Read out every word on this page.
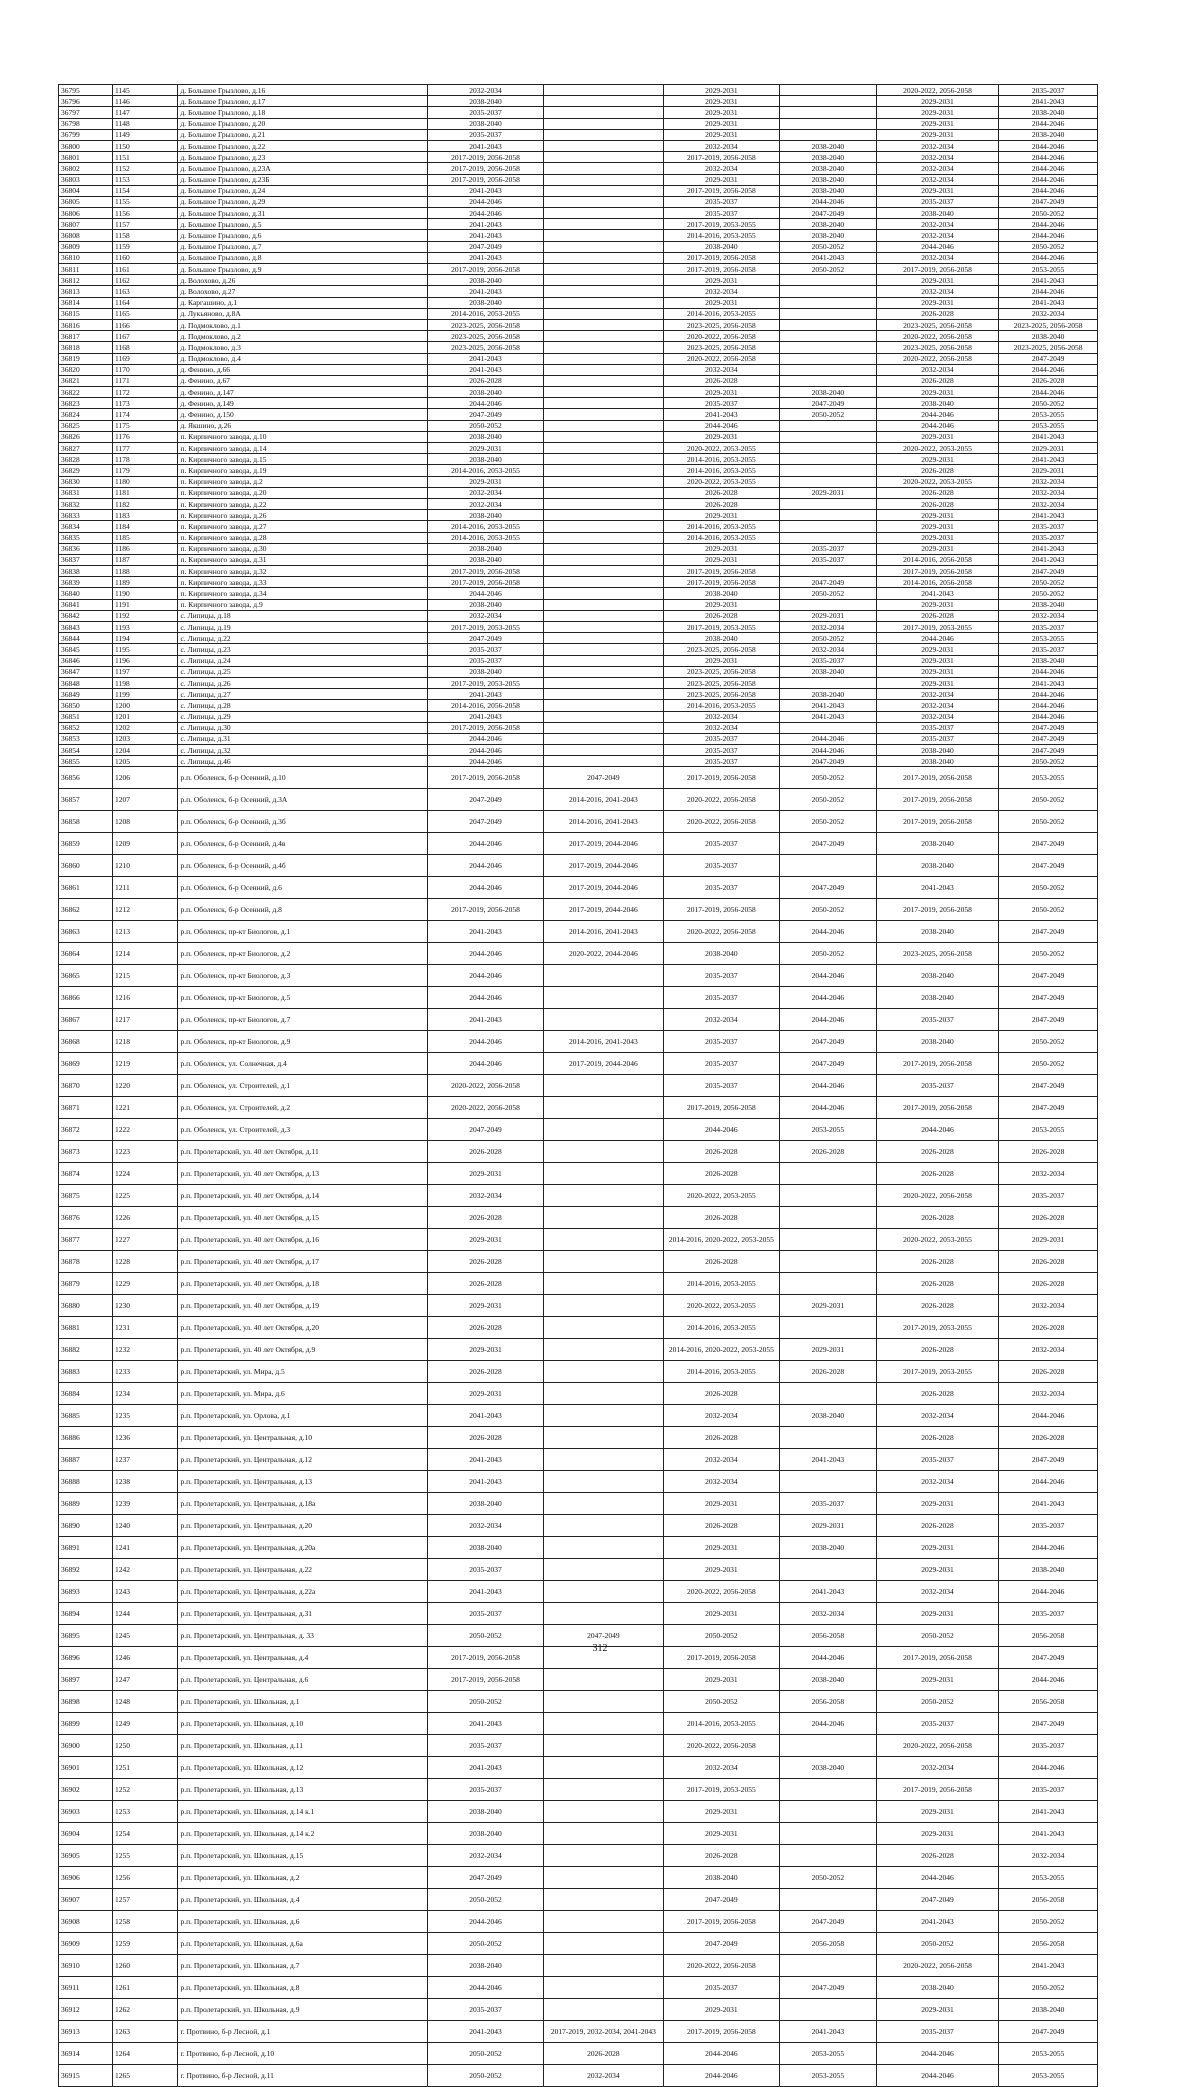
36795	1145	д. Большое Грызлово, д.16	2032-2034		2029-2031		2020-2022, 2056-2058	2035-2037
36796	1146	д. Большое Грызлово, д.17	2038-2040		2029-2031		2029-2031	2041-2043
36797	1147	д. Большое Грызлово, д.18	2035-2037		2029-2031		2029-2031	2038-2040
36798	1148	д. Большое Грызлово, д.20	2038-2040		2029-2031		2029-2031	2044-2046
36799	1149	д. Большое Грызлово, д.21	2035-2037		2029-2031		2029-2031	2038-2040
36800	1150	д. Большое Грызлово, д.22	2041-2043		2032-2034	2038-2040	2032-2034	2044-2046
36801	1151	д. Большое Грызлово, д.23	2017-2019, 2056-2058		2017-2019, 2056-2058	2038-2040	2032-2034	2044-2046
36802	1152	д. Большое Грызлово, д.23А	2017-2019, 2056-2058		2032-2034	2038-2040	2032-2034	2044-2046
36803	1153	д. Большое Грызлово, д.23Б	2017-2019, 2056-2058		2029-2031	2038-2040	2032-2034	2044-2046
36804	1154	д. Большое Грызлово, д.24	2041-2043		2017-2019, 2056-2058	2038-2040	2029-2031	2044-2046
36805	1155	д. Большое Грызлово, д.29	2044-2046		2035-2037	2044-2046	2035-2037	2047-2049
36806	1156	д. Большое Грызлово, д.31	2044-2046		2035-2037	2047-2049	2038-2040	2050-2052
36807	1157	д. Большое Грызлово, д.5	2041-2043		2017-2019, 2053-2055	2038-2040	2032-2034	2044-2046
36808	1158	д. Большое Грызлово, д.6	2041-2043		2014-2016, 2053-2055	2038-2040	2032-2034	2044-2046
36809	1159	д. Большое Грызлово, д.7	2047-2049		2038-2040	2050-2052	2044-2046	2050-2052
36810	1160	д. Большое Грызлово, д.8	2041-2043		2017-2019, 2056-2058	2041-2043	2032-2034	2044-2046
36811	1161	д. Большое Грызлово, д.9	2017-2019, 2056-2058		2017-2019, 2056-2058	2050-2052	2017-2019, 2056-2058	2053-2055
36812	1162	д. Волохово, д.26	2038-2040		2029-2031		2029-2031	2041-2043
36813	1163	д. Волохово, д.27	2041-2043		2032-2034		2032-2034	2044-2046
36814	1164	д. Каргашино, д.1	2038-2040		2029-2031		2029-2031	2041-2043
36815	1165	д. Лукьяново, д.8А	2014-2016, 2053-2055		2014-2016, 2053-2055		2026-2028	2032-2034
36816	1166	д. Подмоклово, д.1	2023-2025, 2056-2058		2023-2025, 2056-2058		2023-2025, 2056-2058	2023-2025, 2056-2058
36817	1167	д. Подмоклово, д.2	2023-2025, 2056-2058		2020-2022, 2056-2058		2020-2022, 2056-2058	2038-2040
36818	1168	д. Подмоклово, д.3	2023-2025, 2056-2058		2023-2025, 2056-2058		2023-2025, 2056-2058	2023-2025, 2056-2058
36819	1169	д. Подмоклово, д.4	2041-2043		2020-2022, 2056-2058		2020-2022, 2056-2058	2047-2049
36820	1170	д. Фенино, д.66	2041-2043		2032-2034		2032-2034	2044-2046
36821	1171	д. Фенино, д.67	2026-2028		2026-2028		2026-2028	2026-2028
36822	1172	д. Фенино, д.147	2038-2040		2029-2031	2038-2040	2029-2031	2044-2046
36823	1173	д. Фенино, д.149	2044-2046		2035-2037	2047-2049	2038-2040	2050-2052
36824	1174	д. Фенино, д.150	2047-2049		2041-2043	2050-2052	2044-2046	2053-2055
36825	1175	д. Якшино, д.26	2050-2052		2044-2046		2044-2046	2053-2055
36826	1176	п. Кирпичного завода, д.10	2038-2040		2029-2031		2029-2031	2041-2043
36827	1177	п. Кирпичного завода, д.14	2029-2031		2020-2022, 2053-2055		2020-2022, 2053-2055	2029-2031
36828	1178	п. Кирпичного завода, д.15	2038-2040		2014-2016, 2053-2055		2029-2031	2041-2043
36829	1179	п. Кирпичного завода, д.19	2014-2016, 2053-2055		2014-2016, 2053-2055		2026-2028	2029-2031
36830	1180	п. Кирпичного завода, д.2	2029-2031		2020-2022, 2053-2055		2020-2022, 2053-2055	2032-2034
36831	1181	п. Кирпичного завода, д.20	2032-2034		2026-2028	2029-2031	2026-2028	2032-2034
36832	1182	п. Кирпичного завода, д.22	2032-2034		2026-2028		2026-2028	2032-2034
36833	1183	п. Кирпичного завода, д.26	2038-2040		2029-2031		2029-2031	2041-2043
36834	1184	п. Кирпичного завода, д.27	2014-2016, 2053-2055		2014-2016, 2053-2055		2029-2031	2035-2037
36835	1185	п. Кирпичного завода, д.28	2014-2016, 2053-2055		2014-2016, 2053-2055		2029-2031	2035-2037
36836	1186	п. Кирпичного завода, д.30	2038-2040		2029-2031	2035-2037	2029-2031	2041-2043
36837	1187	п. Кирпичного завода, д.31	2038-2040		2029-2031	2035-2037	2014-2016, 2056-2058	2041-2043
36838	1188	п. Кирпичного завода, д.32	2017-2019, 2056-2058		2017-2019, 2056-2058		2017-2019, 2056-2058	2047-2049
36839	1189	п. Кирпичного завода, д.33	2017-2019, 2056-2058		2017-2019, 2056-2058	2047-2049	2014-2016, 2056-2058	2050-2052
36840	1190	п. Кирпичного завода, д.34	2044-2046		2038-2040	2050-2052	2041-2043	2050-2052
36841	1191	п. Кирпичного завода, д.9	2038-2040		2029-2031		2029-2031	2038-2040
36842	1192	с. Липицы, д.18	2032-2034		2026-2028	2029-2031	2026-2028	2032-2034
36843	1193	с. Липицы, д.19	2017-2019, 2053-2055		2017-2019, 2053-2055	2032-2034	2017-2019, 2053-2055	2035-2037
36844	1194	с. Липицы, д.22	2047-2049		2038-2040	2050-2052	2044-2046	2053-2055
36845	1195	с. Липицы, д.23	2035-2037		2023-2025, 2056-2058	2032-2034	2029-2031	2035-2037
36846	1196	с. Липицы, д.24	2035-2037		2029-2031	2035-2037	2029-2031	2038-2040
36847	1197	с. Липицы, д.25	2038-2040		2023-2025, 2056-2058	2038-2040	2029-2031	2044-2046
36848	1198	с. Липицы, д.26	2017-2019, 2053-2055		2023-2025, 2056-2058		2029-2031	2041-2043
36849	1199	с. Липицы, д.27	2041-2043		2023-2025, 2056-2058	2038-2040	2032-2034	2044-2046
36850	1200	с. Липицы, д.28	2014-2016, 2056-2058		2014-2016, 2053-2055	2041-2043	2032-2034	2044-2046
36851	1201	с. Липицы, д.29	2041-2043		2032-2034	2041-2043	2032-2034	2044-2046
36852	1202	с. Липицы, д.30	2017-2019, 2056-2058		2032-2034		2035-2037	2047-2049
36853	1203	с. Липицы, д.31	2044-2046		2035-2037	2044-2046	2035-2037	2047-2049
36854	1204	с. Липицы, д.32	2044-2046		2035-2037	2044-2046	2038-2040	2047-2049
36855	1205	с. Липицы, д.46	2044-2046		2035-2037	2047-2049	2038-2040	2050-2052
36856	1206	р.п. Оболенск, б-р Осенний, д.10	2017-2019, 2056-2058	2047-2049	2017-2019, 2056-2058	2050-2052	2017-2019, 2056-2058	2053-2055
36857	1207	р.п. Оболенск, б-р Осенний, д.3А	2047-2049	2014-2016, 2041-2043	2020-2022, 2056-2058	2050-2052	2017-2019, 2056-2058	2050-2052
36858	1208	р.п. Оболенск, б-р Осенний, д.3б	2047-2049	2014-2016, 2041-2043	2020-2022, 2056-2058	2050-2052	2017-2019, 2056-2058	2050-2052
36859	1209	р.п. Оболенск, б-р Осенний, д.4в	2044-2046	2017-2019, 2044-2046	2035-2037	2047-2049	2038-2040	2047-2049
36860	1210	р.п. Оболенск, б-р Осенний, д.4б	2044-2046	2017-2019, 2044-2046	2035-2037		2038-2040	2047-2049
36861	1211	р.п. Оболенск, б-р Осенний, д.6	2044-2046	2017-2019, 2044-2046	2035-2037	2047-2049	2041-2043	2050-2052
36862	1212	р.п. Оболенск, б-р Осенний, д.8	2017-2019, 2056-2058	2017-2019, 2044-2046	2017-2019, 2056-2058	2050-2052	2017-2019, 2056-2058	2050-2052
36863	1213	р.п. Оболенск, пр-кт Биологов, д.1	2041-2043	2014-2016, 2041-2043	2020-2022, 2056-2058	2044-2046	2038-2040	2047-2049
36864	1214	р.п. Оболенск, пр-кт Биологов, д.2	2044-2046	2020-2022, 2044-2046	2038-2040	2050-2052	2023-2025, 2056-2058	2050-2052
36865	1215	р.п. Оболенск, пр-кт Биологов, д.3	2044-2046		2035-2037	2044-2046	2038-2040	2047-2049
36866	1216	р.п. Оболенск, пр-кт Биологов, д.5	2044-2046		2035-2037	2044-2046	2038-2040	2047-2049
36867	1217	р.п. Оболенск, пр-кт Биологов, д.7	2041-2043		2032-2034	2044-2046	2035-2037	2047-2049
36868	1218	р.п. Оболенск, пр-кт Биологов, д.9	2044-2046	2014-2016, 2041-2043	2035-2037	2047-2049	2038-2040	2050-2052
36869	1219	р.п. Оболенск, ул. Солнечная, д.4	2044-2046	2017-2019, 2044-2046	2035-2037	2047-2049	2017-2019, 2056-2058	2050-2052
36870	1220	р.п. Оболенск, ул. Строителей, д.1	2020-2022, 2056-2058		2035-2037	2044-2046	2035-2037	2047-2049
36871	1221	р.п. Оболенск, ул. Строителей, д.2	2020-2022, 2056-2058		2017-2019, 2056-2058	2044-2046	2017-2019, 2056-2058	2047-2049
36872	1222	р.п. Оболенск, ул. Строителей, д.3	2047-2049		2044-2046	2053-2055	2044-2046	2053-2055
36873	1223	р.п. Пролетарский, ул. 40 лет Октября, д.11	2026-2028		2026-2028	2026-2028	2026-2028	2026-2028
36874	1224	р.п. Пролетарский, ул. 40 лет Октября, д.13	2029-2031		2026-2028		2026-2028	2032-2034
36875	1225	р.п. Пролетарский, ул. 40 лет Октября, д.14	2032-2034		2020-2022, 2053-2055		2020-2022, 2056-2058	2035-2037
36876	1226	р.п. Пролетарский, ул. 40 лет Октября, д.15	2026-2028		2026-2028		2026-2028	2026-2028
36877	1227	р.п. Пролетарский, ул. 40 лет Октября, д.16	2029-2031		2014-2016, 2020-2022, 2053-2055		2020-2022, 2053-2055	2029-2031
36878	1228	р.п. Пролетарский, ул. 40 лет Октября, д.17	2026-2028		2026-2028		2026-2028	2026-2028
36879	1229	р.п. Пролетарский, ул. 40 лет Октября, д.18	2026-2028		2014-2016, 2053-2055		2026-2028	2026-2028
36880	1230	р.п. Пролетарский, ул. 40 лет Октября, д.19	2029-2031		2020-2022, 2053-2055	2029-2031	2026-2028	2032-2034
36881	1231	р.п. Пролетарский, ул. 40 лет Октября, д.20	2026-2028		2014-2016, 2053-2055		2017-2019, 2053-2055	2026-2028
36882	1232	р.п. Пролетарский, ул. 40 лет Октября, д.9	2029-2031		2014-2016, 2020-2022, 2053-2055	2029-2031	2026-2028	2032-2034
36883	1233	р.п. Пролетарский, ул. Мира, д.5	2026-2028		2014-2016, 2053-2055	2026-2028	2017-2019, 2053-2055	2026-2028
36884	1234	р.п. Пролетарский, ул. Мира, д.6	2029-2031		2026-2028		2026-2028	2032-2034
36885	1235	р.п. Пролетарский, ул. Орлова, д.1	2041-2043		2032-2034	2038-2040	2032-2034	2044-2046
36886	1236	р.п. Пролетарский, ул. Центральная, д.10	2026-2028		2026-2028		2026-2028	2026-2028
36887	1237	р.п. Пролетарский, ул. Центральная, д.12	2041-2043		2032-2034	2041-2043	2035-2037	2047-2049
36888	1238	р.п. Пролетарский, ул. Центральная, д.13	2041-2043		2032-2034		2032-2034	2044-2046
36889	1239	р.п. Пролетарский, ул. Центральная, д.18а	2038-2040		2029-2031	2035-2037	2029-2031	2041-2043
36890	1240	р.п. Пролетарский, ул. Центральная, д.20	2032-2034		2026-2028	2029-2031	2026-2028	2035-2037
36891	1241	р.п. Пролетарский, ул. Центральная, д.20а	2038-2040		2029-2031	2038-2040	2029-2031	2044-2046
36892	1242	р.п. Пролетарский, ул. Центральная, д.22	2035-2037		2029-2031		2029-2031	2038-2040
36893	1243	р.п. Пролетарский, ул. Центральная, д.22а	2041-2043		2020-2022, 2056-2058	2041-2043	2032-2034	2044-2046
36894	1244	р.п. Пролетарский, ул. Центральная, д.31	2035-2037		2029-2031	2032-2034	2029-2031	2035-2037
36895	1245	р.п. Пролетарский, ул. Центральная, д. 33	2050-2052	2047-2049	2050-2052	2056-2058	2050-2052	2056-2058
36896	1246	р.п. Пролетарский, ул. Центральная, д.4	2017-2019, 2056-2058		2017-2019, 2056-2058	2044-2046	2017-2019, 2056-2058	2047-2049
36897	1247	р.п. Пролетарский, ул. Центральная, д.6	2017-2019, 2056-2058		2029-2031	2038-2040	2029-2031	2044-2046
36898	1248	р.п. Пролетарский, ул. Школьная, д.1	2050-2052		2050-2052	2056-2058	2050-2052	2056-2058
36899	1249	р.п. Пролетарский, ул. Школьная, д.10	2041-2043		2014-2016, 2053-2055	2044-2046	2035-2037	2047-2049
36900	1250	р.п. Пролетарский, ул. Школьная, д.11	2035-2037		2020-2022, 2056-2058		2020-2022, 2056-2058	2035-2037
36901	1251	р.п. Пролетарский, ул. Школьная, д.12	2041-2043		2032-2034	2038-2040	2032-2034	2044-2046
36902	1252	р.п. Пролетарский, ул. Школьная, д.13	2035-2037		2017-2019, 2053-2055		2017-2019, 2056-2058	2035-2037
36903	1253	р.п. Пролетарский, ул. Школьная, д.14 к.1	2038-2040		2029-2031		2029-2031	2041-2043
36904	1254	р.п. Пролетарский, ул. Школьная, д.14 к.2	2038-2040		2029-2031		2029-2031	2041-2043
36905	1255	р.п. Пролетарский, ул. Школьная, д.15	2032-2034		2026-2028		2026-2028	2032-2034
36906	1256	р.п. Пролетарский, ул. Школьная, д.2	2047-2049		2038-2040	2050-2052	2044-2046	2053-2055
36907	1257	р.п. Пролетарский, ул. Школьная, д.4	2050-2052		2047-2049		2047-2049	2056-2058
36908	1258	р.п. Пролетарский, ул. Школьная, д.6	2044-2046		2017-2019, 2056-2058	2047-2049	2041-2043	2050-2052
36909	1259	р.п. Пролетарский, ул. Школьная, д.6а	2050-2052		2047-2049	2056-2058	2050-2052	2056-2058
36910	1260	р.п. Пролетарский, ул. Школьная, д.7	2038-2040		2020-2022, 2056-2058		2020-2022, 2056-2058	2041-2043
36911	1261	р.п. Пролетарский, ул. Школьная, д.8	2044-2046		2035-2037	2047-2049	2038-2040	2050-2052
36912	1262	р.п. Пролетарский, ул. Школьная, д.9	2035-2037		2029-2031		2029-2031	2038-2040
36913	1263	г. Протвино, б-р Лесной, д.1	2041-2043	2017-2019, 2032-2034, 2041-2043	2017-2019, 2056-2058	2041-2043	2035-2037	2047-2049
36914	1264	г. Протвино, б-р Лесной, д.10	2050-2052	2026-2028	2044-2046	2053-2055	2044-2046	2053-2055
36915	1265	г. Протвино, б-р Лесной, д.11	2050-2052	2032-2034	2044-2046	2053-2055	2044-2046	2053-2055
312
